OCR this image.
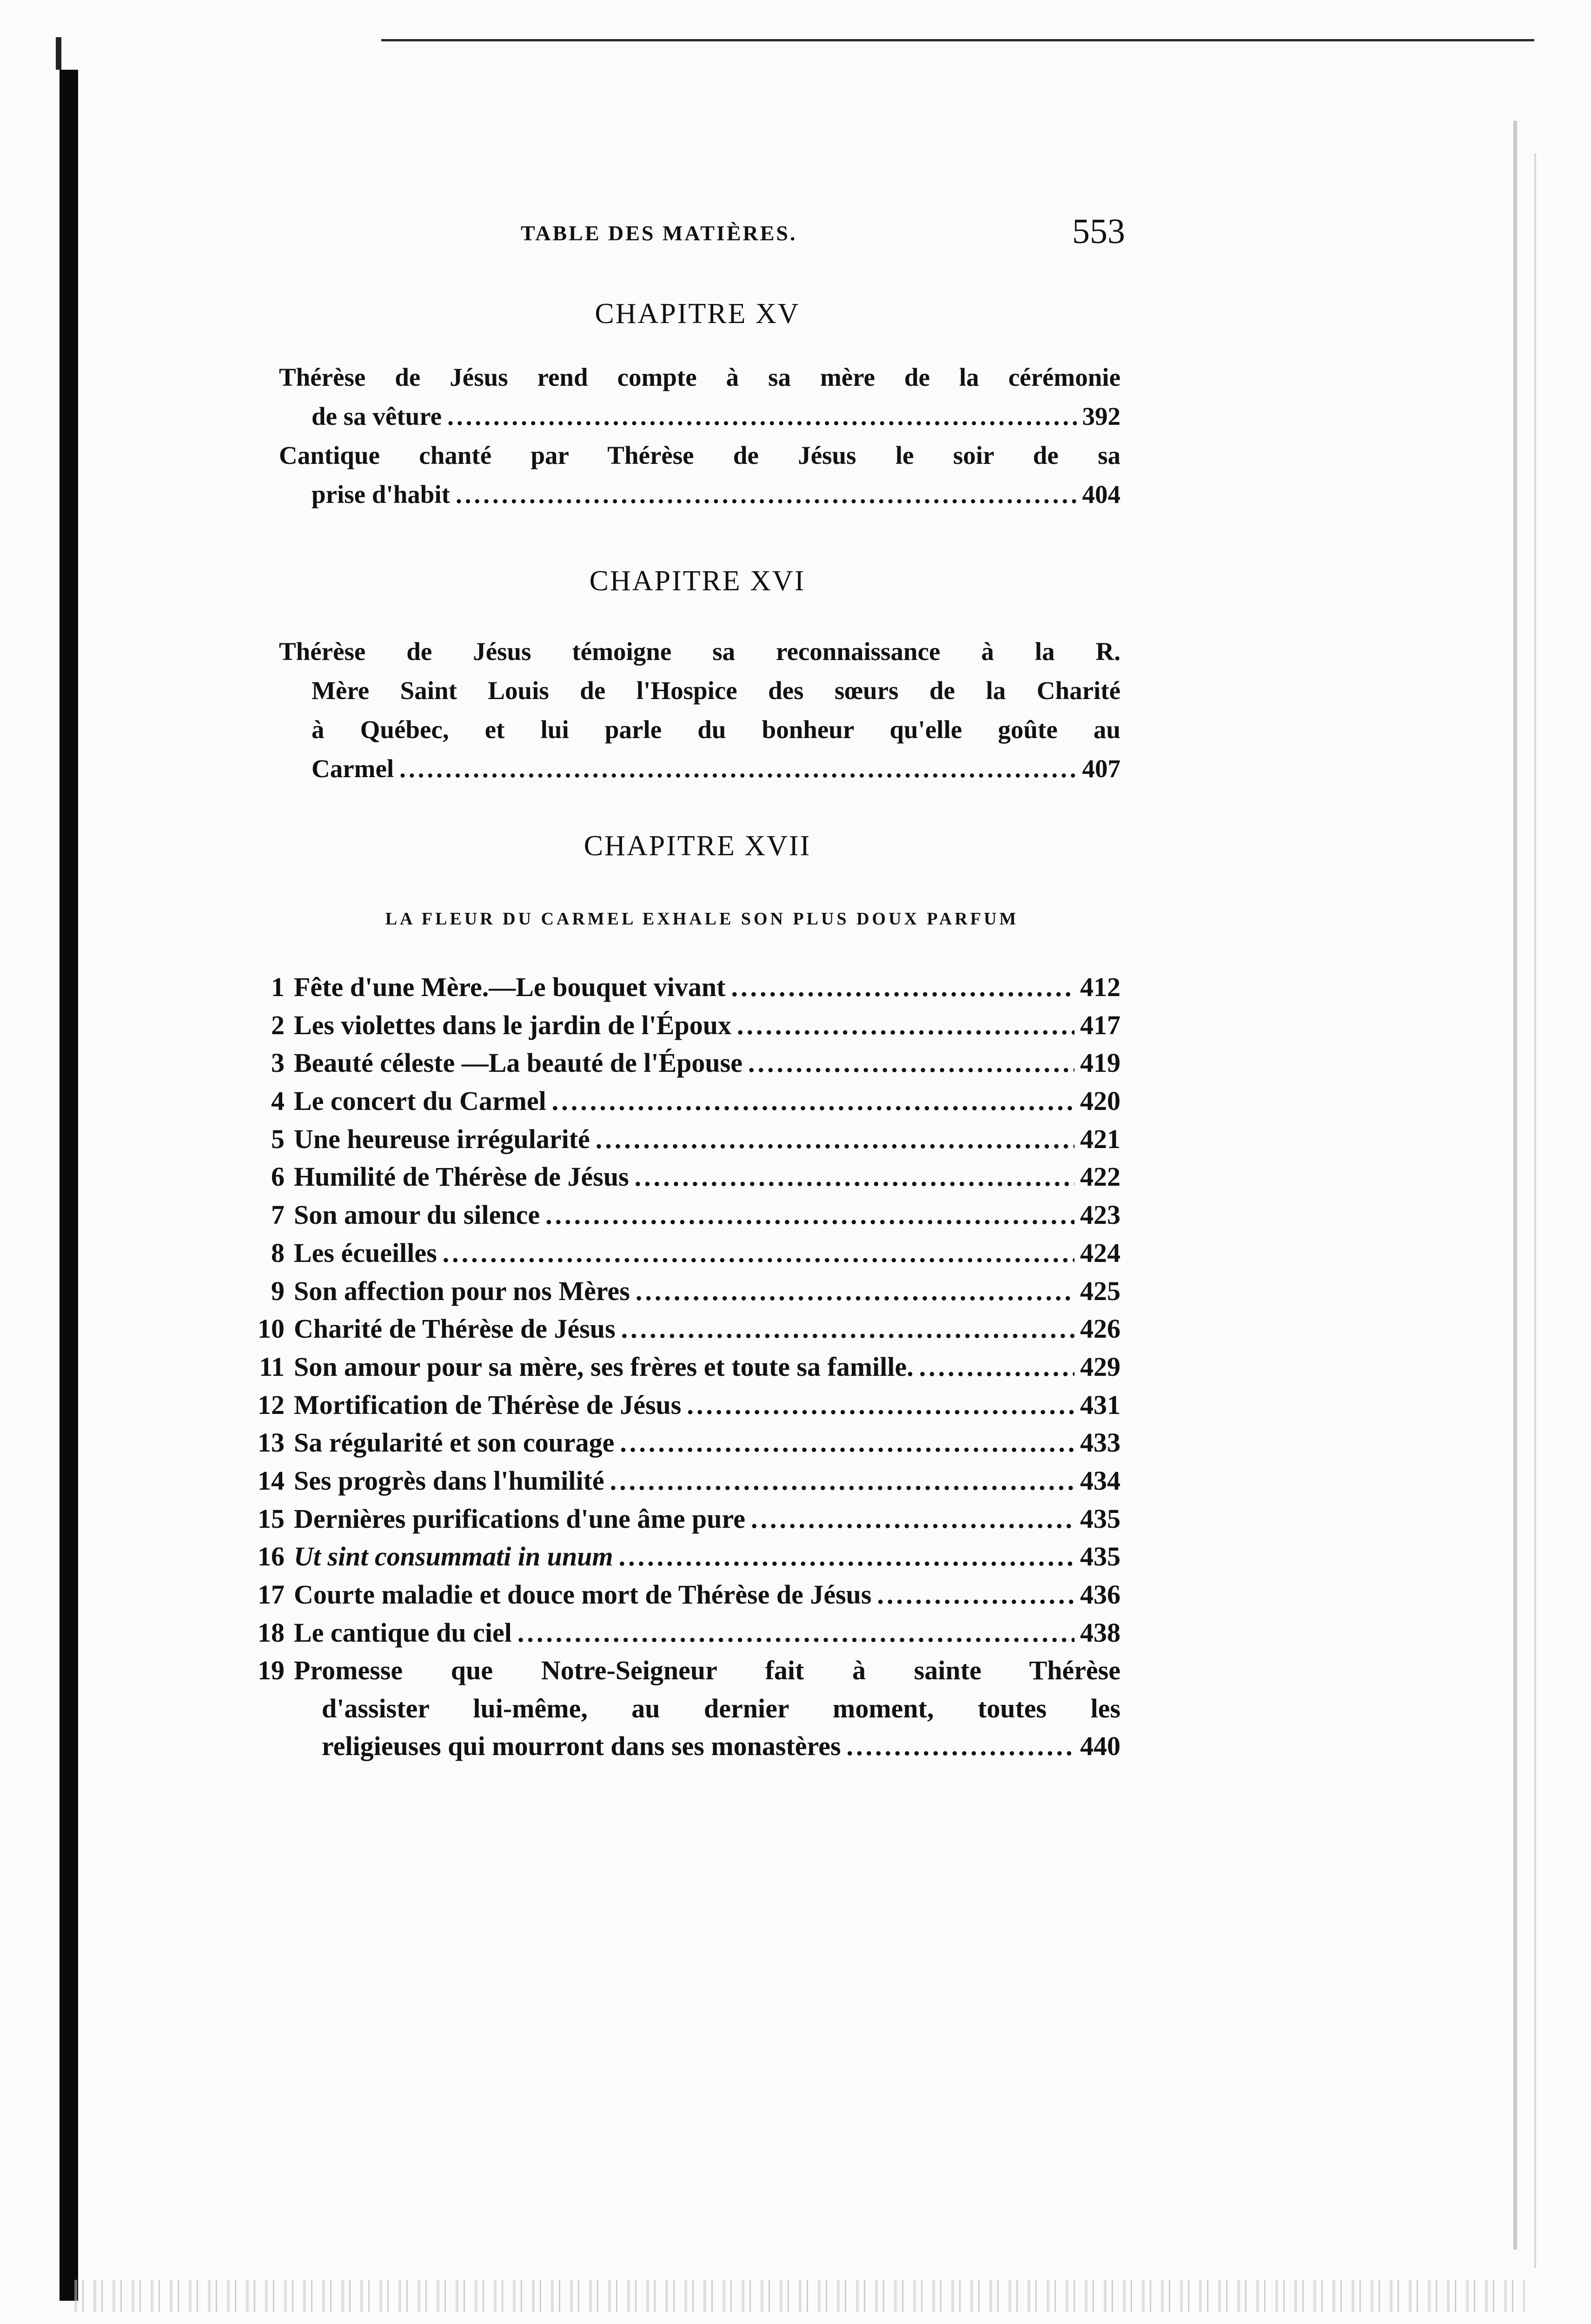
TABLE DES MATIÈRES.	553
CHAPITRE XV
Thérèse de Jésus rend compte à sa mère de la cérémonie
de sa vêture .....	392
Cantique chanté par Thérèse de Jésus le soir de sa
prise d'habit .....	404
CHAPITRE XVI
Thérèse de Jésus témoigne sa reconnaissance à la R.
Mère Saint Louis de l'Hospice des sœurs de la Charité
à Québec, et lui parle du bonheur qu'elle goûte au
Carmel .....	407
CHAPITRE XVII
LA FLEUR DU CARMEL EXHALE SON PLUS DOUX PARFUM
1 Fête d'une Mère.—Le bouquet vivant .....	412
2 Les violettes dans le jardin de l'Époux .....	417
3 Beauté céleste —La beauté de l'Épouse .....	419
4 Le concert du Carmel .....	420
5 Une heureuse irrégularité .....	421
6 Humilité de Thérèse de Jésus .....	422
7 Son amour du silence .....	423
8 Les écueilles .....	424
9 Son affection pour nos Mères .....	425
10 Charité de Thérèse de Jésus .....	426
11 Son amour pour sa mère, ses frères et toute sa famille. .....	429
12 Mortification de Thérèse de Jésus .....	431
13 Sa régularité et son courage .....	433
14 Ses progrès dans l'humilité .....	434
15 Dernières purifications d'une âme pure .....	435
16 Ut sint consummati in unum .....	435
17 Courte maladie et douce mort de Thérèse de Jésus .....	436
18 Le cantique du ciel .....	438
19 Promesse que Notre-Seigneur fait à sainte Thérèse
d'assister lui-même, au dernier moment, toutes les
religieuses qui mourront dans ses monastères .....	440
